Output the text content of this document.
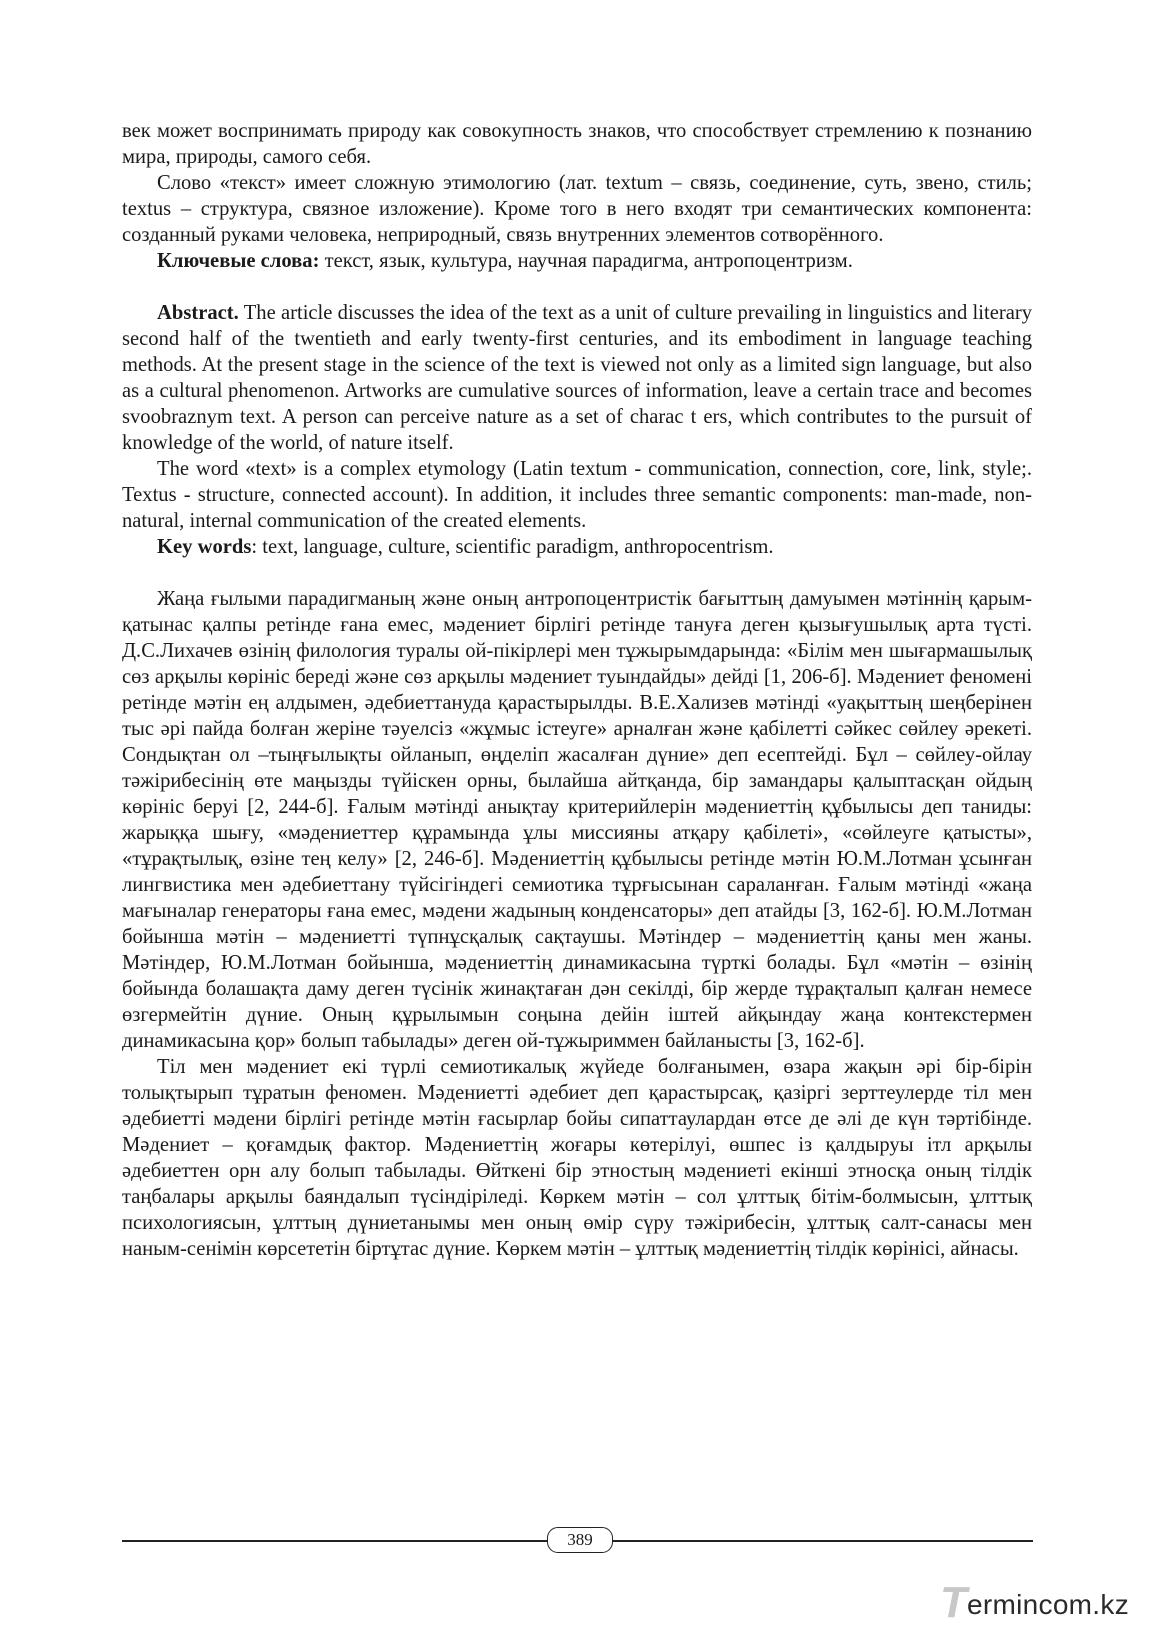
век может воспринимать природу как совокупность знаков, что способствует стремлению к познанию мира, природы, самого себя.

Слово «текст» имеет сложную этимологию (лат. textum – связь, соединение, суть, звено, стиль; textus – структура, связное изложение). Кроме того в него входят три семантических компонента: созданный руками человека, неприродный, связь внутренних элементов сотворённого.

Ключевые слова: текст, язык, культура, научная парадигма, антропоцентризм.

Abstract. The article discusses the idea of the text as a unit of culture prevailing in linguistics and literary second half of the twentieth and early twenty-first centuries, and its embodiment in language teaching methods. At the present stage in the science of the text is viewed not only as a limited sign language, but also as a cultural phenomenon. Artworks are cumulative sources of information, leave a certain trace and becomes svoobraznym text. A person can perceive nature as a set of charac t ers, which contributes to the pursuit of knowledge of the world, of nature itself.

The word «text» is a complex etymology (Latin textum - communication, connection, core, link, style;. Textus - structure, connected account). In addition, it includes three semantic components: man-made, non-natural, internal communication of the created elements.

Key words: text, language, culture, scientific paradigm, anthropocentrism.

Жаңа ғылыми парадигманың және оның антропоцентристік бағыттың дамуымен мәтіннің қарым-қатынас қалпы ретінде ғана емес, мәдениет бірлігі ретінде тануға деген қызығушылық арта түсті. Д.С.Лихачев өзінің филология туралы ой-пікірлері мен тұжырымдарында: «Білім мен шығармашылық сөз арқылы көрініс береді және сөз арқылы мәдениет туындайды» дейді [1, 206-б]. Мәдениет феномені ретінде мәтін ең алдымен, әдебиеттануда қарастырылды. В.Е.Хализев мәтінді «уақыттың шеңберінен тыс әрі пайда болған жеріне тәуелсіз «жұмыс істеуге» арналған және қабілетті сәйкес сөйлеу әрекеті. Сондықтан ол –тыңғылықты ойланып, өңделіп жасалған дүние» деп есептейді. Бұл – сөйлеу-ойлау тәжірибесінің өте маңызды түйіскен орны, былайша айтқанда, бір замандары қалыптасқан ойдың көрініс беруі [2, 244-б]. Ғалым мәтінді анықтау критерийлерін мәдениеттің құбылысы деп таниды: жарыққа шығу, «мәдениеттер құрамында ұлы миссияны атқару қабілеті», «сөйлеуге қатысты», «тұрақтылық, өзіне тең келу» [2, 246-б]. Мәдениеттің құбылысы ретінде мәтін Ю.М.Лотман ұсынған лингвистика мен әдебиеттану түйсігіндегі семиотика тұрғысынан сараланған. Ғалым мәтінді «жаңа мағыналар генераторы ғана емес, мәдени жадының конденсаторы» деп атайды [3, 162-б]. Ю.М.Лотман бойынша мәтін – мәдениетті түпнұсқалық сақтаушы. Мәтіндер – мәдениеттің қаны мен жаны. Мәтіндер, Ю.М.Лотман бойынша, мәдениеттің динамикасына түрткі болады. Бұл «мәтін – өзінің бойында болашақта даму деген түсінік жинақтаған дән секілді, бір жерде тұрақталып қалған немесе өзгермейтін дүние. Оның құрылымын соңына дейін іштей айқындау жаңа контекстермен динамикасына қор» болып табылады» деген ой-тұжыриммен байланысты [3, 162-б].

Тіл мен мәдениет екі түрлі семиотикалық жүйеде болғанымен, өзара жақын әрі бір-бірін толықтырып тұратын феномен. Мәдениетті әдебиет деп қарастырсақ, қазіргі зерттеулерде тіл мен әдебиетті мәдени бірлігі ретінде мәтін ғасырлар бойы сипаттаулардан өтсе де әлі де күн тәртібінде. Мәдениет – қоғамдық фактор. Мәдениеттің жоғары көтерілуі, өшпес із қалдыруы ітл арқылы әдебиеттен орн алу болып табылады. Өйткені бір этностың мәдениеті екінші этносқа оның тілдік таңбалары арқылы баяндалып түсіндіріледі. Көркем мәтін – сол ұлттық бітім-болмысын, ұлттық психологиясын, ұлттың дүниетанымы мен оның өмір сүру тәжірибесін, ұлттық салт-санасы мен наным-сенімін көрсететін біртұтас дүние. Көркем мәтін – ұлттық мәдениеттің тілдік көрінісі, айнасы.

389
T ermincom.kz
